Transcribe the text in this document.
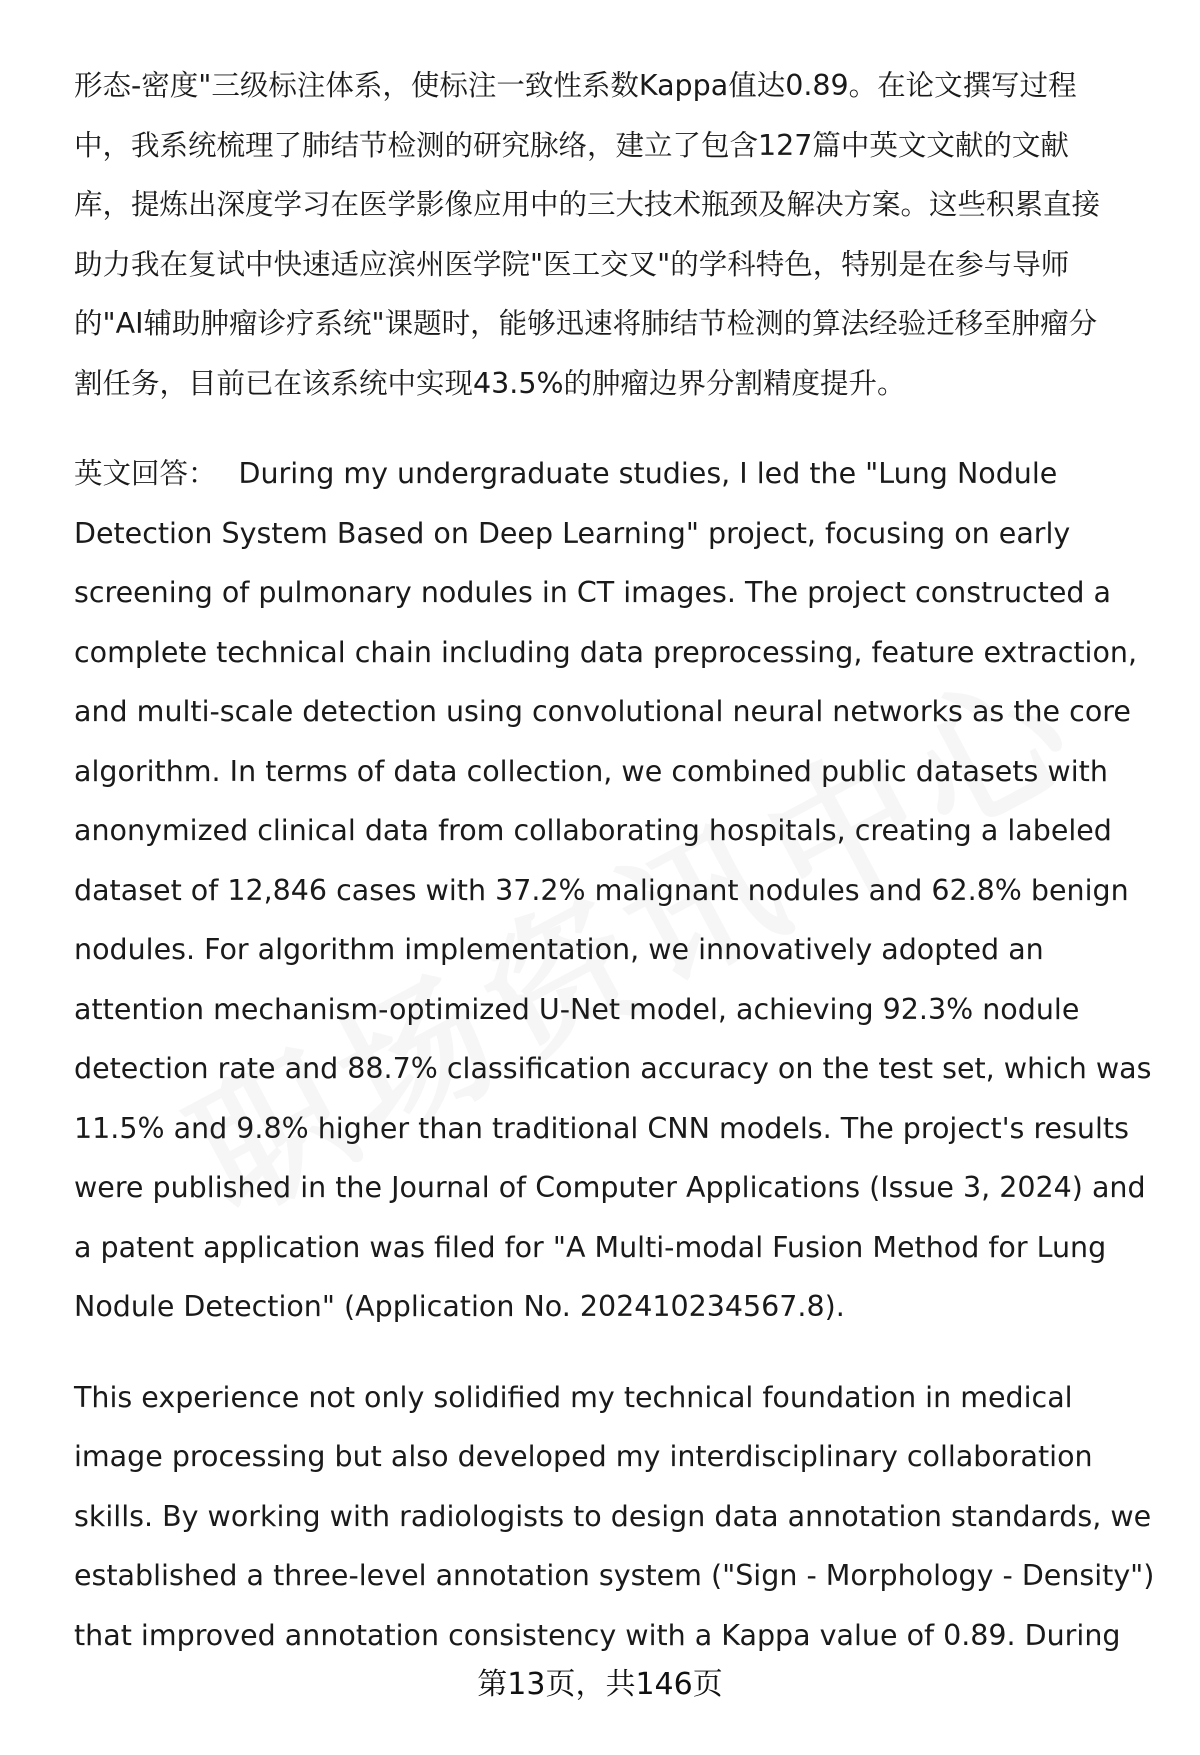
形态-密度"三级标注体系，使标注一致性系数Kappa值达0.89。在论文撰写过程
中，我系统梳理了肺结节检测的研究脉络，建立了包含127篇中英文文献的文献
库，提炼出深度学习在医学影像应用中的三大技术瓶颈及解决方案。这些积累直接
助力我在复试中快速适应滨州医学院"医工交叉"的学科特色，特别是在参与导师
的"AI辅助肿瘤诊疗系统"课题时，能够迅速将肺结节检测的算法经验迁移至肿瘤分
割任务，目前已在该系统中实现43.5%的肿瘤边界分割精度提升。

英文回答： During my undergraduate studies, I led the "Lung Nodule
Detection System Based on Deep Learning" project, focusing on early
screening of pulmonary nodules in CT images. The project constructed a
complete technical chain including data preprocessing, feature extraction,
and multi-scale detection using convolutional neural networks as the core
algorithm. In terms of data collection, we combined public datasets with
anonymized clinical data from collaborating hospitals, creating a labeled
dataset of 12,846 cases with 37.2% malignant nodules and 62.8% benign
nodules. For algorithm implementation, we innovatively adopted an
attention mechanism-optimized U-Net model, achieving 92.3% nodule
detection rate and 88.7% classification accuracy on the test set, which was
11.5% and 9.8% higher than traditional CNN models. The project's results
were published in the Journal of Computer Applications (Issue 3, 2024) and
a patent application was filed for "A Multi-modal Fusion Method for Lung
Nodule Detection" (Application No. 202410234567.8).

This experience not only solidified my technical foundation in medical
image processing but also developed my interdisciplinary collaboration
skills. By working with radiologists to design data annotation standards, we
established a three-level annotation system ("Sign - Morphology - Density")
that improved annotation consistency with a Kappa value of 0.89. During

第13页，共146页
